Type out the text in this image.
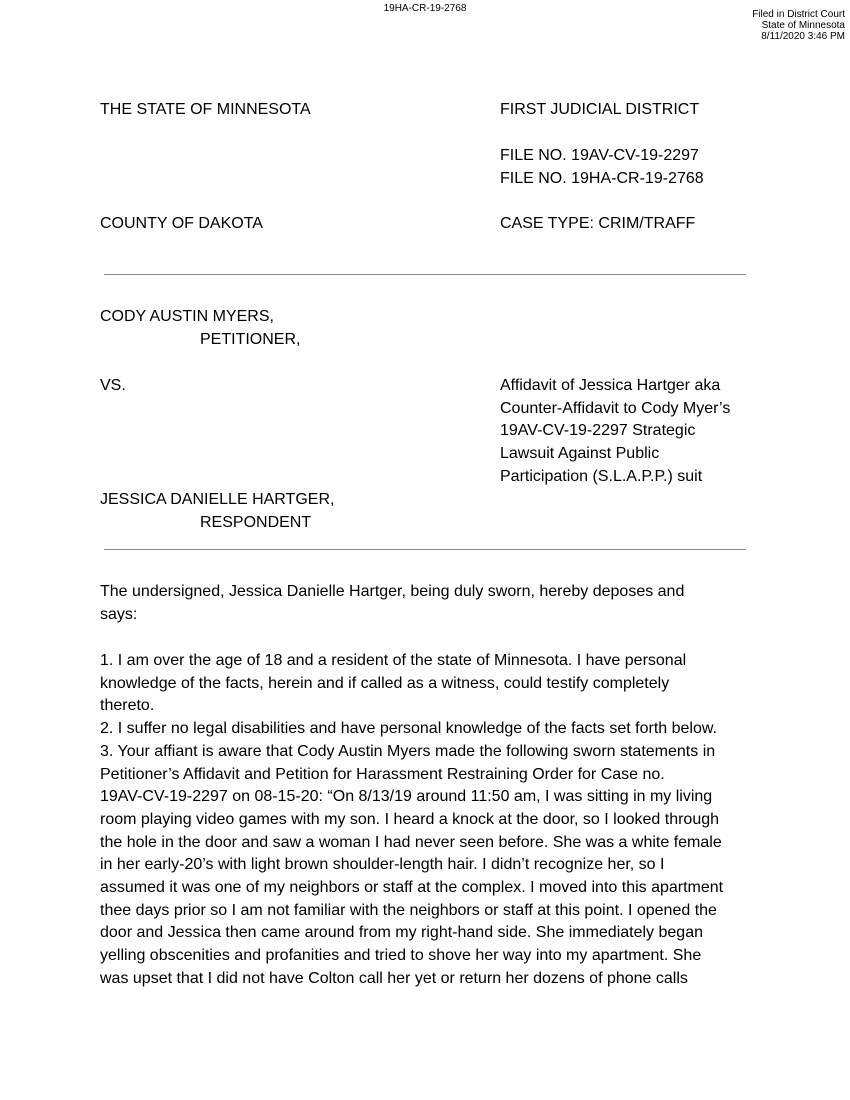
19HA-CR-19-2768
Filed in District Court
State of Minnesota
8/11/2020 3:46 PM
THE STATE OF MINNESOTA	FIRST JUDICIAL DISTRICT
FILE NO. 19AV-CV-19-2297
FILE NO. 19HA-CR-19-2768
COUNTY OF DAKOTA	CASE TYPE: CRIM/TRAFF
CODY AUSTIN MYERS,
PETITIONER,
VS.	Affidavit of Jessica Hartger aka
Counter-Affidavit to Cody Myer’s
19AV-CV-19-2297 Strategic
Lawsuit Against Public
Participation (S.L.A.P.P.) suit
JESSICA DANIELLE HARTGER,
RESPONDENT
The undersigned, Jessica Danielle Hartger, being duly sworn, hereby deposes and
says:
1. I am over the age of 18 and a resident of the state of Minnesota. I have personal
knowledge of the facts, herein and if called as a witness, could testify completely
thereto.
2. I suffer no legal disabilities and have personal knowledge of the facts set forth below.
3. Your affiant is aware that Cody Austin Myers made the following sworn statements in
Petitioner’s Affidavit and Petition for Harassment Restraining Order for Case no.
19AV-CV-19-2297 on 08-15-20: “On 8/13/19 around 11:50 am, I was sitting in my living
room playing video games with my son. I heard a knock at the door, so I looked through
the hole in the door and saw a woman I had never seen before. She was a white female
in her early-20’s with light brown shoulder-length hair. I didn’t recognize her, so I
assumed it was one of my neighbors or staff at the complex. I moved into this apartment
thee days prior so I am not familiar with the neighbors or staff at this point. I opened the
door and Jessica then came around from my right-hand side. She immediately began
yelling obscenities and profanities and tried to shove her way into my apartment. She
was upset that I did not have Colton call her yet or return her dozens of phone calls
